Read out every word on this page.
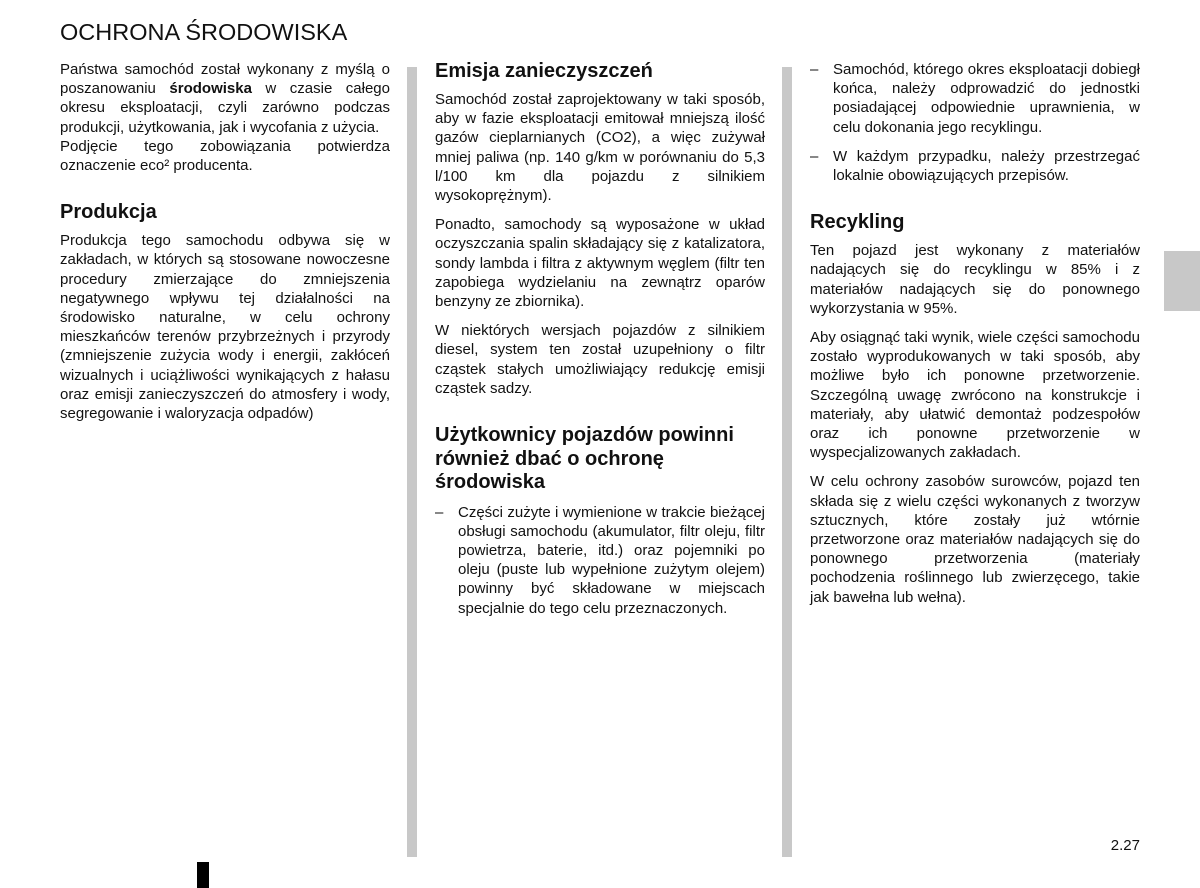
OCHRONA ŚRODOWISKA

Państwa samochód został wykonany z myślą o poszanowaniu środowiska w czasie całego okresu eksploatacji, czyli zarówno podczas produkcji, użytkowania, jak i wycofania z użycia.

Podjęcie tego zobowiązania potwierdza oznaczenie eco² producenta.

Produkcja

Produkcja tego samochodu odbywa się w zakładach, w których są stosowane nowoczesne procedury zmierzające do zmniejszenia negatywnego wpływu tej działalności na środowisko naturalne, w celu ochrony mieszkańców terenów przybrzeżnych i przyrody (zmniejszenie zużycia wody i energii, zakłóceń wizualnych i uciążliwości wynikających z hałasu oraz emisji zanieczyszczeń do atmosfery i wody, segregowanie i waloryzacja odpadów)

Emisja zanieczyszczeń

Samochód został zaprojektowany w taki sposób, aby w fazie eksploatacji emitował mniejszą ilość gazów cieplarnianych (CO2), a więc zużywał mniej paliwa (np. 140 g/km w porównaniu do 5,3 l/100 km dla pojazdu z silnikiem wysokoprężnym).

Ponadto, samochody są wyposażone w układ oczyszczania spalin składający się z katalizatora, sondy lambda i filtra z aktywnym węglem (filtr ten zapobiega wydzielaniu na zewnątrz oparów benzyny ze zbiornika).

W niektórych wersjach pojazdów z silnikiem diesel, system ten został uzupełniony o filtr cząstek stałych umożliwiający redukcję emisji cząstek sadzy.

Użytkownicy pojazdów powinni również dbać o ochronę środowiska
– Części zużyte i wymienione w trakcie bieżącej obsługi samochodu (akumulator, filtr oleju, filtr powietrza, baterie, itd.) oraz pojemniki po oleju (puste lub wypełnione zużytym olejem) powinny być składowane w miejscach specjalnie do tego celu przeznaczonych.
– Samochód, którego okres eksploatacji dobiegł końca, należy odprowadzić do jednostki posiadającej odpowiednie uprawnienia, w celu dokonania jego recyklingu.
– W każdym przypadku, należy przestrzegać lokalnie obowiązujących przepisów.
Recykling

Ten pojazd jest wykonany z materiałów nadających się do recyklingu w 85% i z materiałów nadających się do ponownego wykorzystania w 95%.

Aby osiągnąć taki wynik, wiele części samochodu zostało wyprodukowanych w taki sposób, aby możliwe było ich ponowne przetworzenie. Szczególną uwagę zwrócono na konstrukcje i materiały, aby ułatwić demontaż podzespołów oraz ich ponowne przetworzenie w wyspecjalizowanych zakładach.

W celu ochrony zasobów surowców, pojazd ten składa się z wielu części wykonanych z tworzyw sztucznych, które zostały już wtórnie przetworzone oraz materiałów nadających się do ponownego przetworzenia (materiały pochodzenia roślinnego lub zwierzęcego, takie jak bawełna lub wełna).

2.27
